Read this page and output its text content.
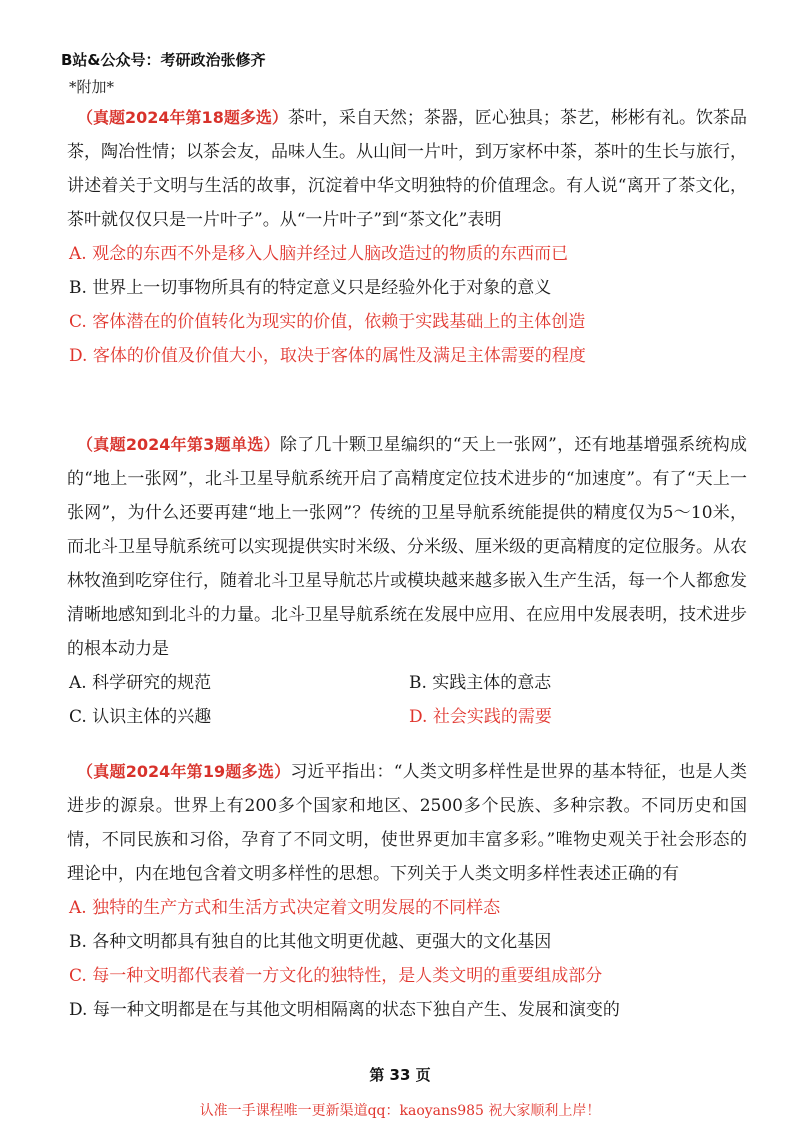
B站&公众号：考研政治张修齐
*附加*

（真题2024年第18题多选）茶叶，采自天然；茶器，匠心独具；茶艺，彬彬有礼。饮茶品茶，陶冶性情；以茶会友，品味人生。从山间一片叶，到万家杯中茶，茶叶的生长与旅行，讲述着关于文明与生活的故事，沉淀着中华文明独特的价值理念。有人说“离开了茶文化，茶叶就仅仅只是一片叶子”。从“一片叶子”到“茶文化”表明

A. 观念的东西不外是移入人脑并经过人脑改造过的物质的东西而已

B. 世界上一切事物所具有的特定意义只是经验外化于对象的意义

C. 客体潜在的价值转化为现实的价值，依赖于实践基础上的主体创造

D. 客体的价值及价值大小，取决于客体的属性及满足主体需要的程度

（真题2024年第3题单选）除了几十颗卫星编织的“天上一张网”，还有地基增强系统构成的“地上一张网”，北斗卫星导航系统开启了高精度定位技术进步的“加速度”。有了“天上一张网”，为什么还要再建“地上一张网”？传统的卫星导航系统能提供的精度仅为5～10米，而北斗卫星导航系统可以实现提供实时米级、分米级、厘米级的更高精度的定位服务。从农林牧渔到吃穿住行，随着北斗卫星导航芯片或模块越来越多嵌入生产生活，每一个人都愈发清晰地感知到北斗的力量。北斗卫星导航系统在发展中应用、在应用中发展表明，技术进步的根本动力是

A. 科学研究的规范	B. 实践主体的意志

C. 认识主体的兴趣	D. 社会实践的需要

（真题2024年第19题多选）习近平指出：“人类文明多样性是世界的基本特征，也是人类进步的源泉。世界上有200多个国家和地区、2500多个民族、多种宗教。不同历史和国情，不同民族和习俗，孕育了不同文明，使世界更加丰富多彩。”唯物史观关于社会形态的理论中，内在地包含着文明多样性的思想。下列关于人类文明多样性表述正确的有

A. 独特的生产方式和生活方式决定着文明发展的不同样态

B. 各种文明都具有独自的比其他文明更优越、更强大的文化基因

C. 每一种文明都代表着一方文化的独特性，是人类文明的重要组成部分

D. 每一种文明都是在与其他文明相隔离的状态下独自产生、发展和演变的

第 33 页
认准一手课程唯一更新渠道qq：kaoyans985 祝大家顺利上岸！
